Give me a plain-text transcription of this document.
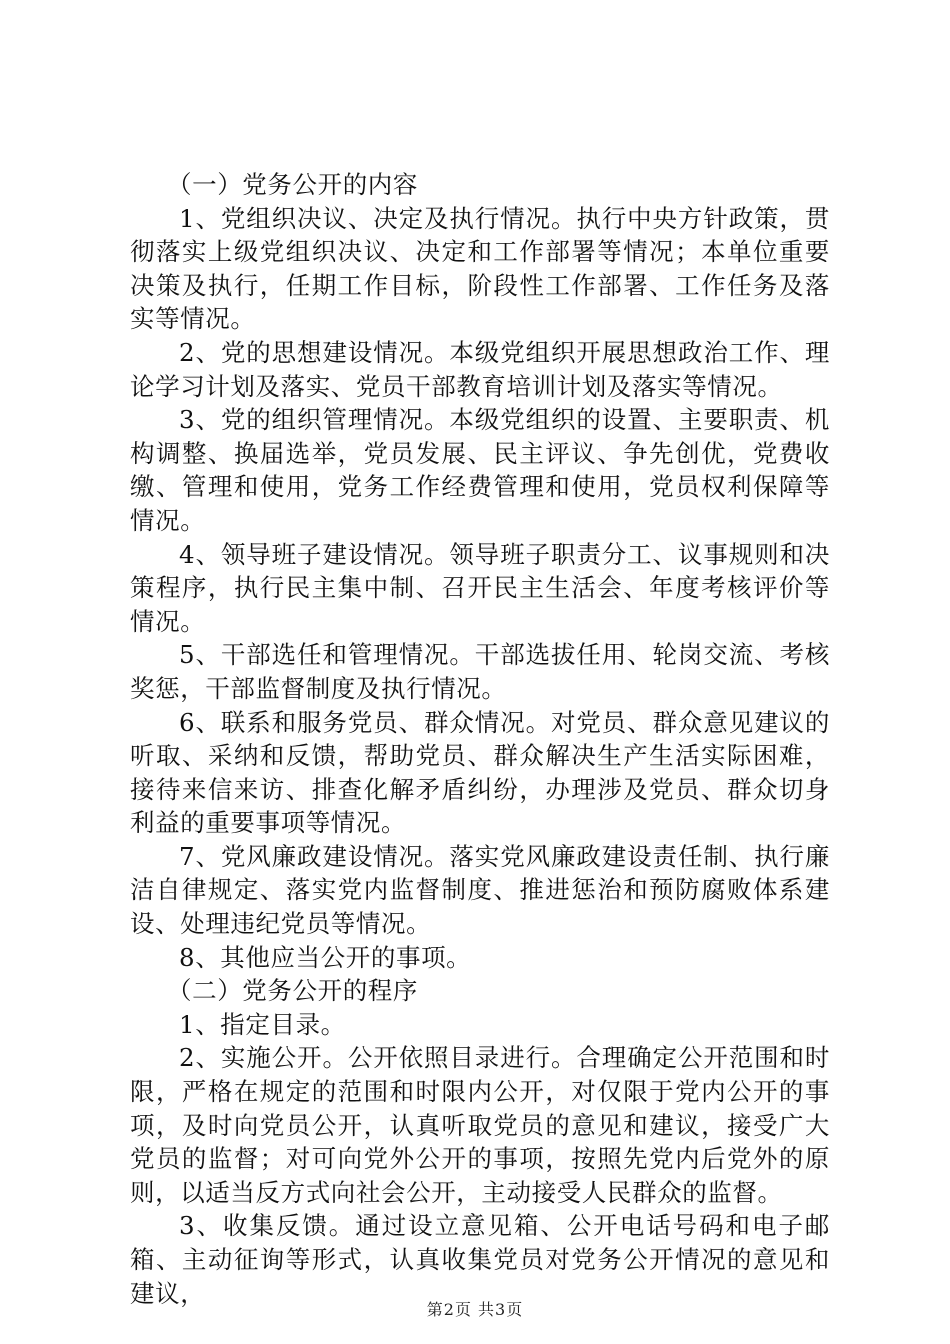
（一）党务公开的内容

1、党组织决议、决定及执行情况。执行中央方针政策，贯彻落实上级党组织决议、决定和工作部署等情况；本单位重要决策及执行，任期工作目标，阶段性工作部署、工作任务及落实等情况。

2、党的思想建设情况。本级党组织开展思想政治工作、理论学习计划及落实、党员干部教育培训计划及落实等情况。

3、党的组织管理情况。本级党组织的设置、主要职责、机构调整、换届选举，党员发展、民主评议、争先创优，党费收缴、管理和使用，党务工作经费管理和使用，党员权利保障等情况。

4、领导班子建设情况。领导班子职责分工、议事规则和决策程序，执行民主集中制、召开民主生活会、年度考核评价等情况。

5、干部选任和管理情况。干部选拔任用、轮岗交流、考核奖惩，干部监督制度及执行情况。

6、联系和服务党员、群众情况。对党员、群众意见建议的听取、采纳和反馈，帮助党员、群众解决生产生活实际困难，接待来信来访、排查化解矛盾纠纷，办理涉及党员、群众切身利益的重要事项等情况。

7、党风廉政建设情况。落实党风廉政建设责任制、执行廉洁自律规定、落实党内监督制度、推进惩治和预防腐败体系建设、处理违纪党员等情况。

8、其他应当公开的事项。

（二）党务公开的程序

1、指定目录。

2、实施公开。公开依照目录进行。合理确定公开范围和时限，严格在规定的范围和时限内公开，对仅限于党内公开的事项，及时向党员公开，认真听取党员的意见和建议，接受广大党员的监督；对可向党外公开的事项，按照先党内后党外的原则，以适当反方式向社会公开，主动接受人民群众的监督。

3、收集反馈。通过设立意见箱、公开电话号码和电子邮箱、主动征询等形式，认真收集党员对党务公开情况的意见和建议，

第2页 共3页
